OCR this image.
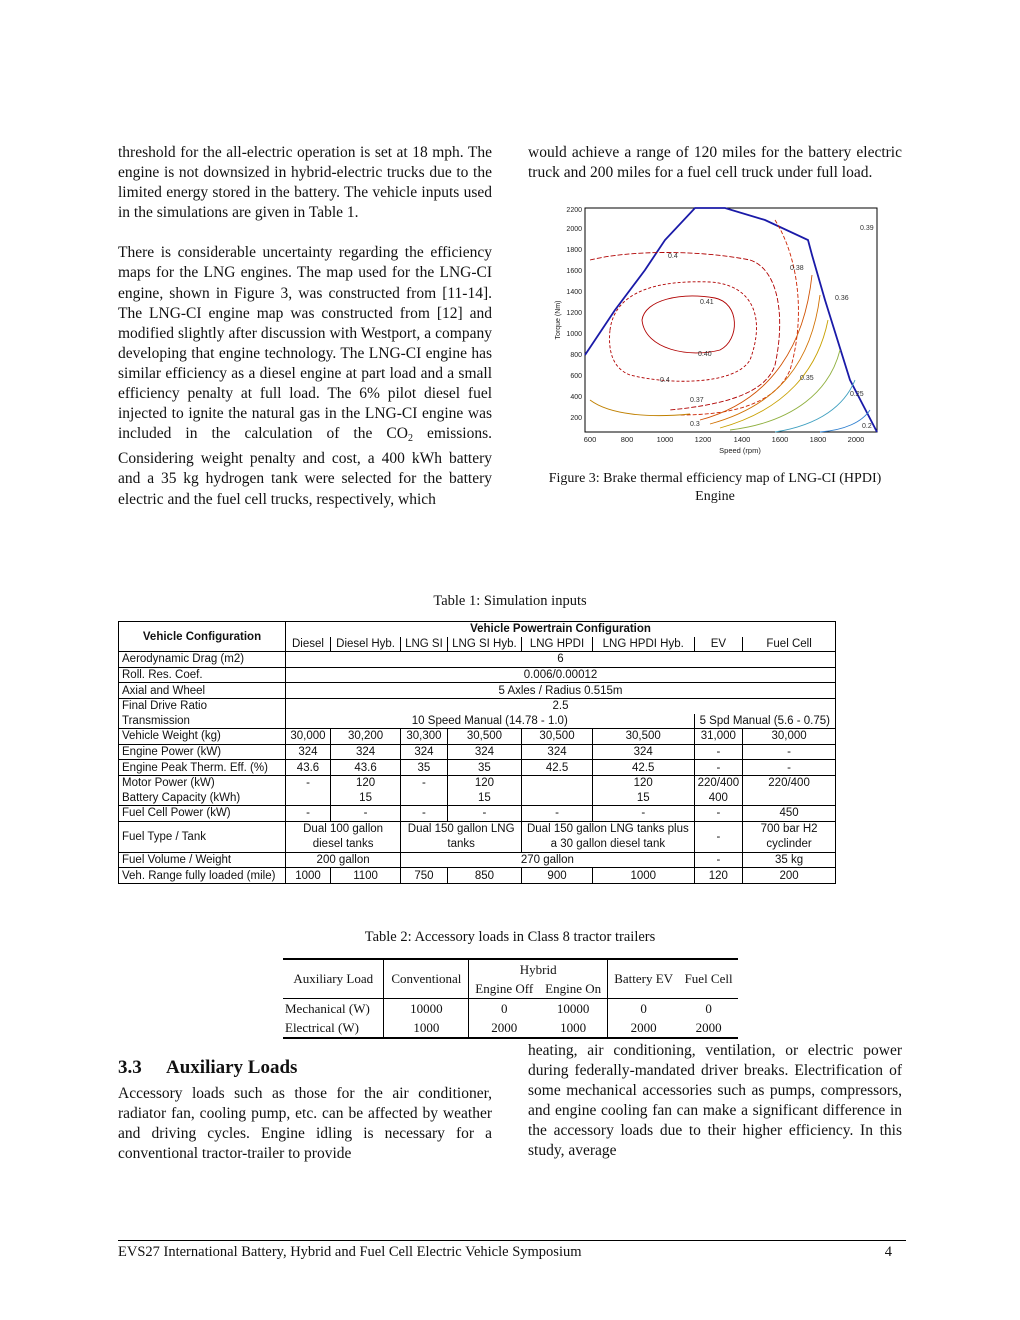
threshold for the all-electric operation is set at 18 mph. The engine is not downsized in hybrid-electric trucks due to the limited energy stored in the battery. The vehicle inputs used in the simulations are given in Table 1.

There is considerable uncertainty regarding the efficiency maps for the LNG engines. The map used for the LNG-CI engine, shown in Figure 3, was constructed from [11-14]. The LNG-CI engine map was constructed from [12] and modified slightly after discussion with Westport, a company developing that engine technology. The LNG-CI engine has similar efficiency as a diesel engine at part load and a small efficiency penalty at full load. The 6% pilot diesel fuel injected to ignite the natural gas in the LNG-CI engine was included in the calculation of the $CO_2$ emissions. Considering weight penalty and cost, a 400 kWh battery and a 35 kg hydrogen tank were selected for the battery electric and the fuel cell trucks, respectively, which

would achieve a range of 120 miles for the battery electric truck and 200 miles for a fuel cell truck under full load.

0.41
0.40
0.4
0.4
0.39
0.38
0.37
0.36
0.35
0.3
0.25
0.2
600	800	1000	1200	1400	1600	1800	2000
Speed (rpm)
200
400
600
800
1000
1200
1400
1600
1800
2000
2200
Torque (Nm)
Figure 3: Brake thermal efficiency map of LNG-CI (HPDI) Engine
Table 1: Simulation inputs
Vehicle Configuration	Vehicle Powertrain Configuration							
	Diesel	Diesel Hyb.	LNG SI	LNG SI Hyb.	LNG HPDI	LNG HPDI Hyb.	EV	Fuel Cell
Aerodynamic Drag (m2)	6							
Roll. Res. Coef.	0.006/0.00012							
Axial and Wheel	5 Axles / Radius 0.515m							
Final Drive Ratio	2.5							
Transmission	10 Speed Manual (14.78 - 1.0)						5 Spd Manual (5.6 - 0.75)	
Vehicle Weight (kg)	30,000	30,200	30,300	30,500	30,500	30,500	31,000	30,000
Engine Power (kW)	324	324	324	324	324	324	-	-
Engine Peak Therm. Eff. (%)	43.6	43.6	35	35	42.5	42.5	-	-
Motor Power (kW)	-	120	-	120		120	220/400	220/400
Battery Capacity (kWh)		15		15		15	400	
Fuel Cell Power (kW)	-	-	-	-	-	-	-	450
Fuel Type / Tank	Dual 100 gallon diesel tanks		Dual 150 gallon LNG tanks		Dual 150 gallon LNG tanks plus a 30 gallon diesel tank		-	700 bar H2 cyclinder
Fuel Volume / Weight	200 gallon		270 gallon				-	35 kg
Veh. Range fully loaded (mile)	1000	1100	750	850	900	1000	120	200
Table 2: Accessory loads in Class 8 tractor trailers
Auxiliary Load	Conventional	Hybrid		Battery EV	Fuel Cell
		Engine Off	Engine On		
Mechanical (W)	10000	0	10000	0	0
Electrical (W)	1000	2000	1000	2000	2000
3.3 Auxiliary Loads

Accessory loads such as those for the air conditioner, radiator fan, cooling pump, etc. can be affected by weather and driving cycles. Engine idling is necessary for a conventional tractor-trailer to provide

heating, air conditioning, ventilation, or electric power during federally-mandated driver breaks. Electrification of some mechanical accessories such as pumps, compressors, and engine cooling fan can make a significant difference in the accessory loads due to their higher efficiency. In this study, average

EVS27 International Battery, Hybrid and Fuel Cell Electric Vehicle Symposium	4
